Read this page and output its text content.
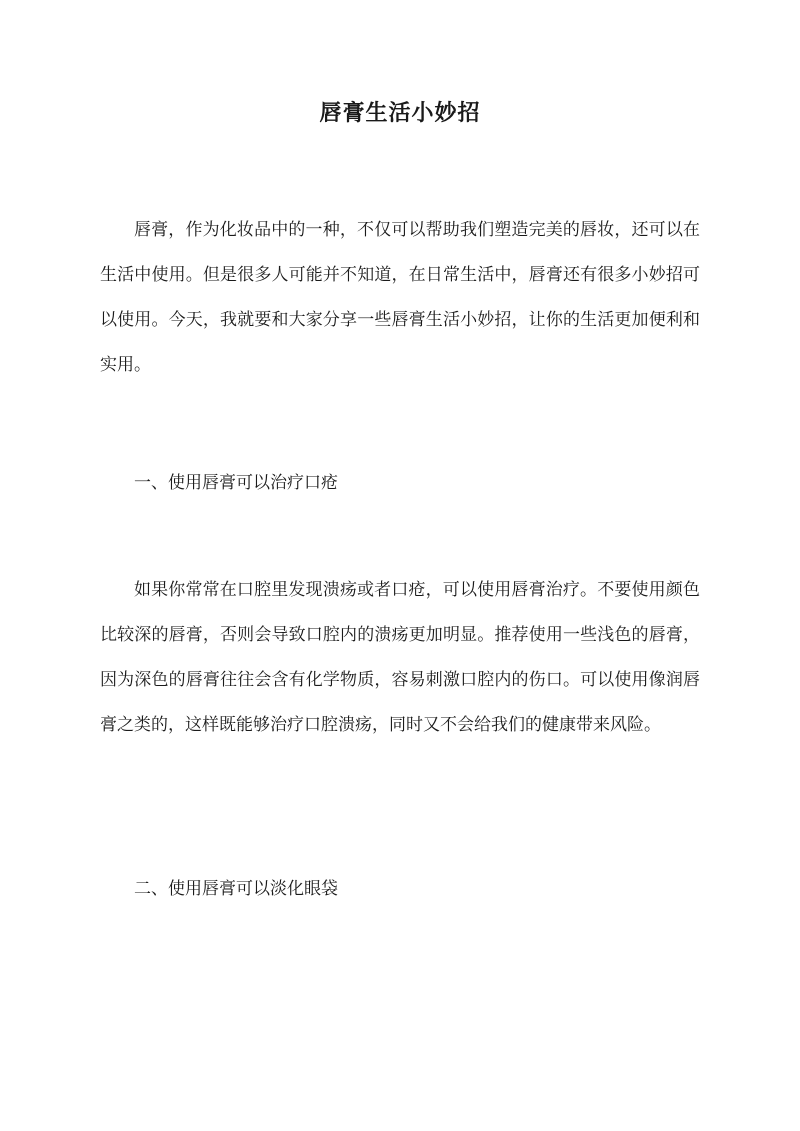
唇膏生活小妙招
唇膏，作为化妆品中的一种，不仅可以帮助我们塑造完美的唇妆，还可以在生活中使用。但是很多人可能并不知道，在日常生活中，唇膏还有很多小妙招可以使用。今天，我就要和大家分享一些唇膏生活小妙招，让你的生活更加便利和实用。
一、使用唇膏可以治疗口疮
如果你常常在口腔里发现溃疡或者口疮，可以使用唇膏治疗。不要使用颜色比较深的唇膏，否则会导致口腔内的溃疡更加明显。推荐使用一些浅色的唇膏，因为深色的唇膏往往会含有化学物质，容易刺激口腔内的伤口。可以使用像润唇膏之类的，这样既能够治疗口腔溃疡，同时又不会给我们的健康带来风险。
二、使用唇膏可以淡化眼袋
